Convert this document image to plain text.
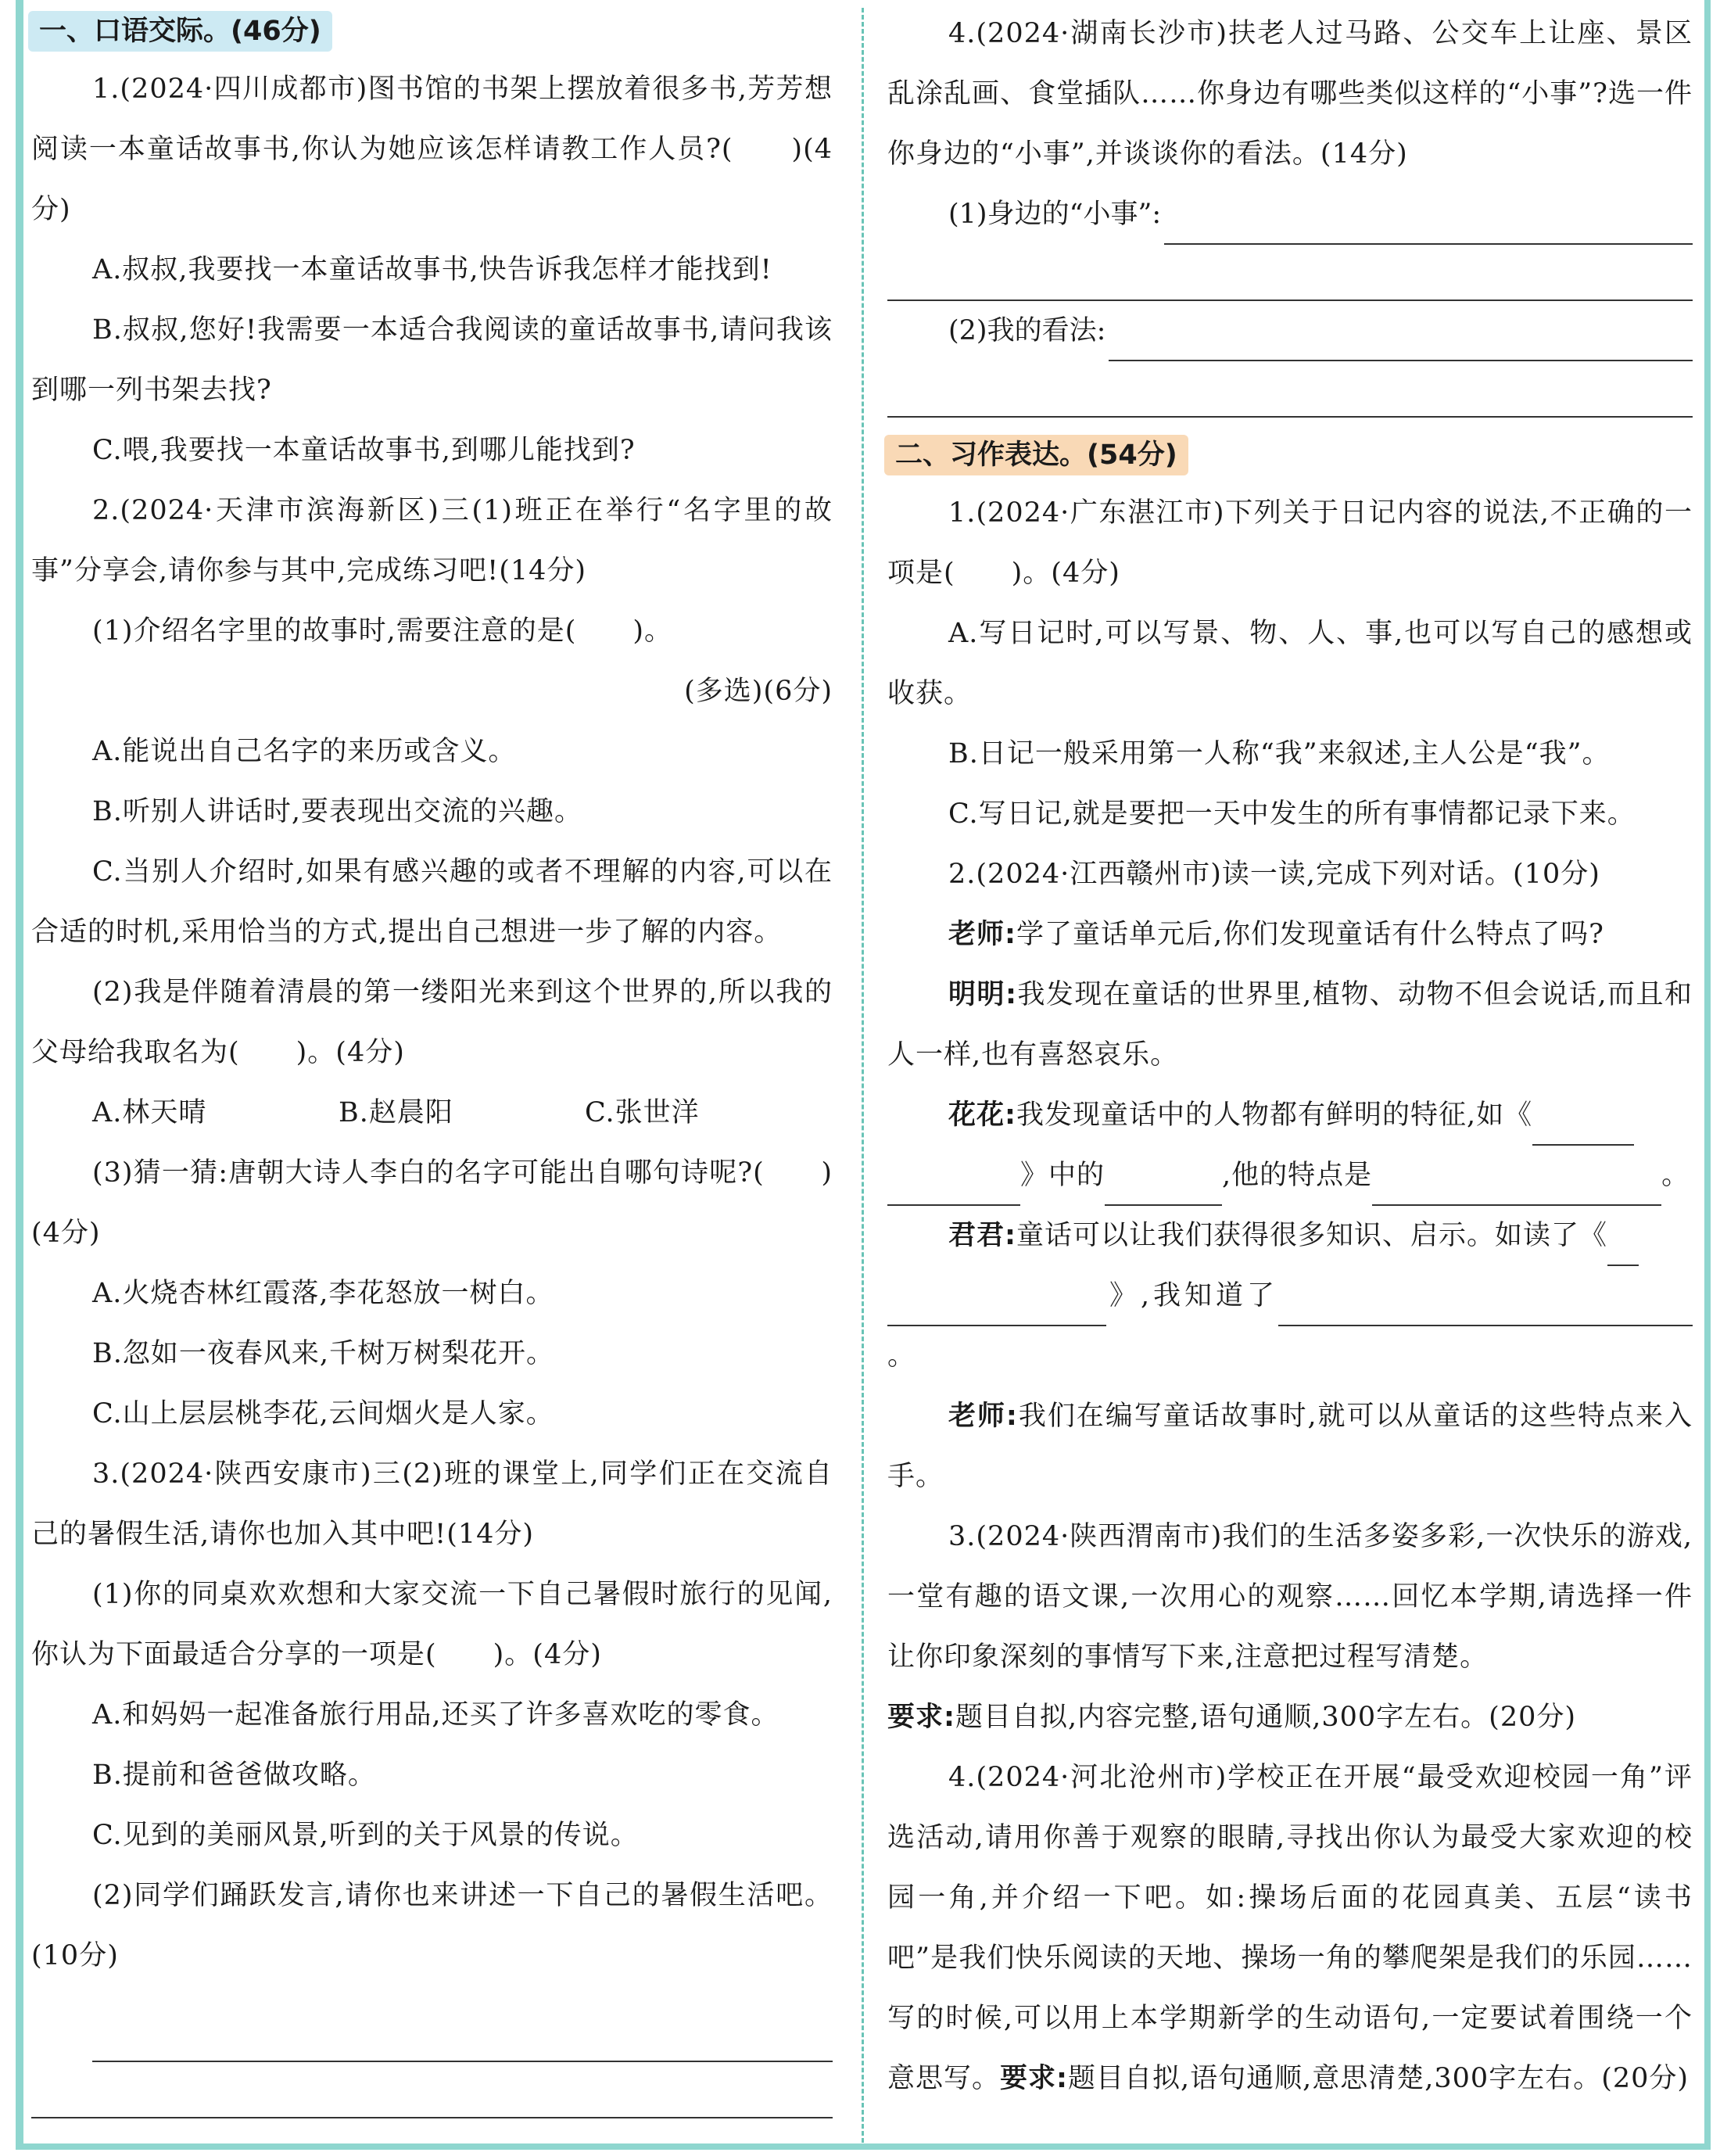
一、口语交际。(46分)

1.(2024·四川成都市)图书馆的书架上摆放着很多书,芳芳想阅读一本童话故事书,你认为她应该怎样请教工作人员?(　　)(4分)

A.叔叔,我要找一本童话故事书,快告诉我怎样才能找到!

B.叔叔,您好!我需要一本适合我阅读的童话故事书,请问我该到哪一列书架去找?

C.喂,我要找一本童话故事书,到哪儿能找到?

2.(2024·天津市滨海新区)三(1)班正在举行“名字里的故事”分享会,请你参与其中,完成练习吧!(14分)

(1)介绍名字里的故事时,需要注意的是(　　)。

(多选)(6分)

A.能说出自己名字的来历或含义。

B.听别人讲话时,要表现出交流的兴趣。

C.当别人介绍时,如果有感兴趣的或者不理解的内容,可以在合适的时机,采用恰当的方式,提出自己想进一步了解的内容。

(2)我是伴随着清晨的第一缕阳光来到这个世界的,所以我的父母给我取名为(　　)。(4分)

A.林天晴	B.赵晨阳	C.张世洋

(3)猜一猜:唐朝大诗人李白的名字可能出自哪句诗呢?(　　)(4分)

A.火烧杏林红霞落,李花怒放一树白。

B.忽如一夜春风来,千树万树梨花开。

C.山上层层桃李花,云间烟火是人家。

3.(2024·陕西安康市)三(2)班的课堂上,同学们正在交流自己的暑假生活,请你也加入其中吧!(14分)

(1)你的同桌欢欢想和大家交流一下自己暑假时旅行的见闻,你认为下面最适合分享的一项是(　　)。(4分)

A.和妈妈一起准备旅行用品,还买了许多喜欢吃的零食。

B.提前和爸爸做攻略。

C.见到的美丽风景,听到的关于风景的传说。

(2)同学们踊跃发言,请你也来讲述一下自己的暑假生活吧。(10分)

4.(2024·湖南长沙市)扶老人过马路、公交车上让座、景区乱涂乱画、食堂插队……你身边有哪些类似这样的“小事”?选一件你身边的“小事”,并谈谈你的看法。(14分)

(1)身边的“小事”:
(2)我的看法:
二、习作表达。(54分)

1.(2024·广东湛江市)下列关于日记内容的说法,不正确的一项是(　　)。(4分)

A.写日记时,可以写景、物、人、事,也可以写自己的感想或收获。

B.日记一般采用第一人称“我”来叙述,主人公是“我”。

C.写日记,就是要把一天中发生的所有事情都记录下来。

2.(2024·江西赣州市)读一读,完成下列对话。(10分)

老师:学了童话单元后,你们发现童话有什么特点了吗?

明明:我发现在童话的世界里,植物、动物不但会说话,而且和人一样,也有喜怒哀乐。

花花:我发现童话中的人物都有鲜明的特征,如《
》中的	,他的特点是	。

君君:童话可以让我们获得很多知识、启示。如读了《
》,我知道了。

老师:我们在编写童话故事时,就可以从童话的这些特点来入手。

3.(2024·陕西渭南市)我们的生活多姿多彩,一次快乐的游戏,一堂有趣的语文课,一次用心的观察……回忆本学期,请选择一件让你印象深刻的事情写下来,注意把过程写清楚。

要求:题目自拟,内容完整,语句通顺,300字左右。(20分)

4.(2024·河北沧州市)学校正在开展“最受欢迎校园一角”评选活动,请用你善于观察的眼睛,寻找出你认为最受大家欢迎的校园一角,并介绍一下吧。如:操场后面的花园真美、五层“读书吧”是我们快乐阅读的天地、操场一角的攀爬架是我们的乐园……写的时候,可以用上本学期新学的生动语句,一定要试着围绕一个意思写。要求:题目自拟,语句通顺,意思清楚,300字左右。(20分)
